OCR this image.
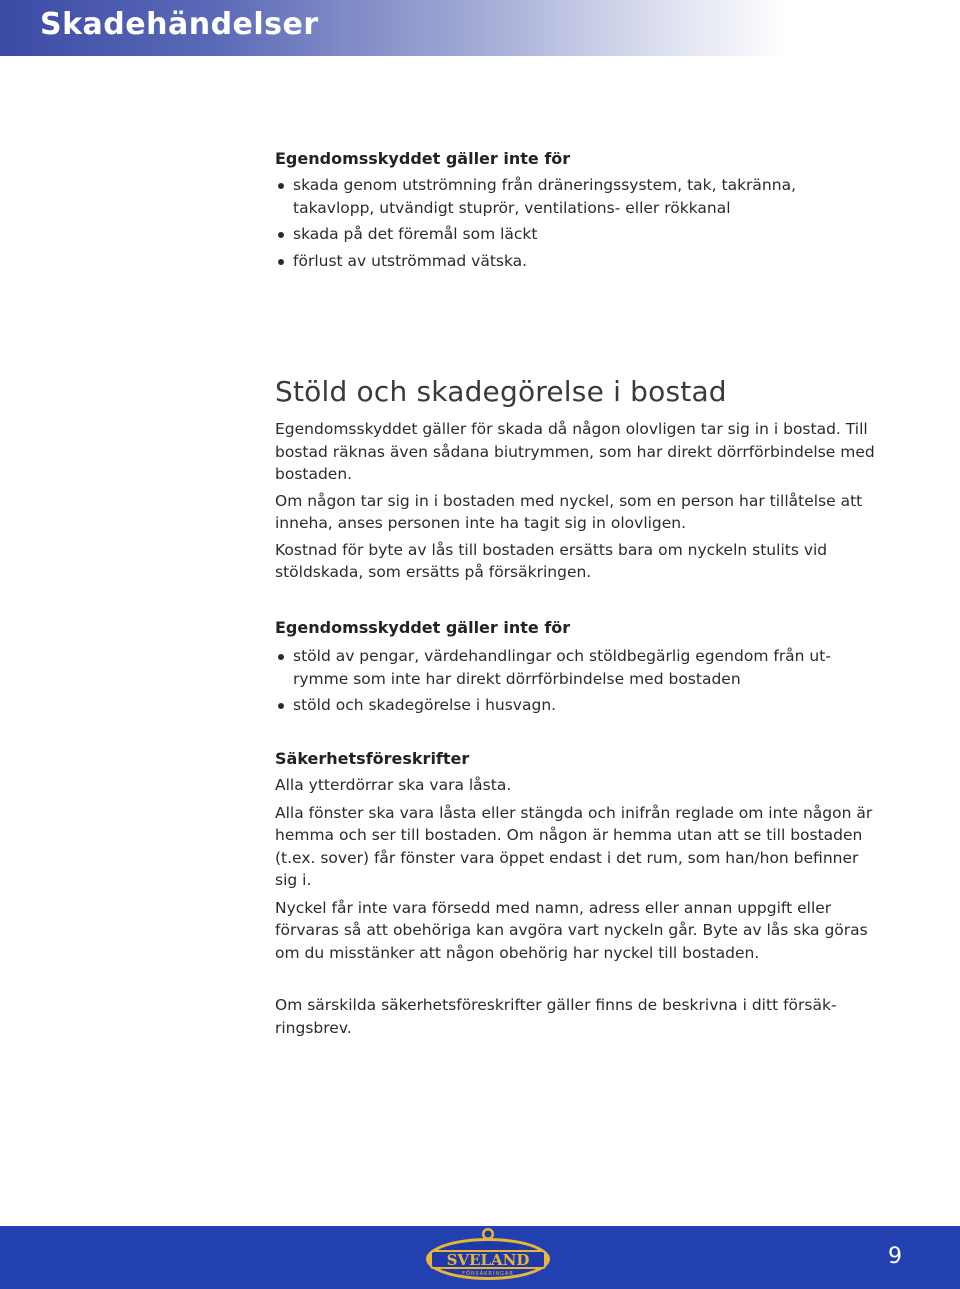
Skadehändelser
Egendomsskyddet gäller inte för
skada genom utströmning från dräneringssystem, tak, takränna, takavlopp, utvändigt stuprör, ventilations- eller rökkanal
skada på det föremål som läckt
förlust av utströmmad vätska.
Stöld och skadegörelse i bostad

Egendomsskyddet gäller för skada då någon olovligen tar sig in i bostad. Till bostad räknas även sådana biutrymmen, som har direkt dörrförbindelse med bostaden.

Om någon tar sig in i bostaden med nyckel, som en person har tillåtelse att inneha, anses personen inte ha tagit sig in olovligen.

Kostnad för byte av lås till bostaden ersätts bara om nyckeln stulits vid stöldskada, som ersätts på försäkringen.

Egendomsskyddet gäller inte för
stöld av pengar, värdehandlingar och stöldbegärlig egendom från utrymme som inte har direkt dörrförbindelse med bostaden
stöld och skadegörelse i husvagn.
Säkerhetsföreskrifter

Alla ytterdörrar ska vara låsta.

Alla fönster ska vara låsta eller stängda och inifrån reglade om inte någon är hemma och ser till bostaden. Om någon är hemma utan att se till bostaden (t.ex. sover) får fönster vara öppet endast i det rum, som han/hon befinner sig i.

Nyckel får inte vara försedd med namn, adress eller annan uppgift eller förvaras så att obehöriga kan avgöra vart nyckeln går. Byte av lås ska göras om du misstänker att någon obehörig har nyckel till bostaden.

Om särskilda säkerhetsföreskrifter gäller finns de beskrivna i ditt försäkringsbrev.

SVELAND
FÖRSÄKRINGAR
9
